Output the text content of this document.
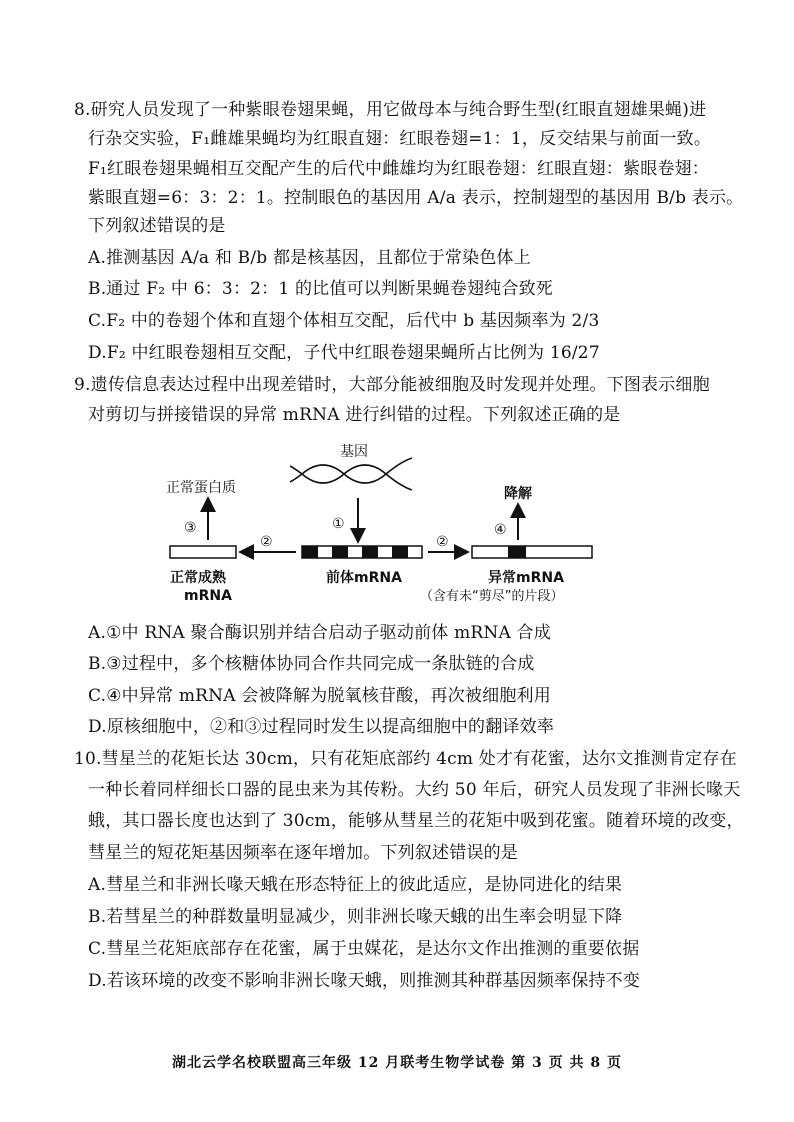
8.研究人员发现了一种紫眼卷翅果蝇，用它做母本与纯合野生型(红眼直翅雄果蝇)进
行杂交实验，F₁雌雄果蝇均为红眼直翅：红眼卷翅=1：1，反交结果与前面一致。
F₁红眼卷翅果蝇相互交配产生的后代中雌雄均为红眼卷翅：红眼直翅：紫眼卷翅：
紫眼直翅=6：3：2：1。控制眼色的基因用 A/a 表示，控制翅型的基因用 B/b 表示。
下列叙述错误的是
A.推测基因 A/a 和 B/b 都是核基因，且都位于常染色体上
B.通过 F₂ 中 6：3：2：1 的比值可以判断果蝇卷翅纯合致死
C.F₂ 中的卷翅个体和直翅个体相互交配，后代中 b 基因频率为 2/3
D.F₂ 中红眼卷翅相互交配，子代中红眼卷翅果蝇所占比例为 16/27
9.遗传信息表达过程中出现差错时，大部分能被细胞及时发现并处理。下图表示细胞
对剪切与拼接错误的异常 mRNA 进行纠错的过程。下列叙述正确的是
基因
①
前体mRNA
②
正常成熟
mRNA
③
正常蛋白质
②
异常mRNA
（含有未“剪尽”的片段）
④
降解
A.①中 RNA 聚合酶识别并结合启动子驱动前体 mRNA 合成
B.③过程中，多个核糖体协同合作共同完成一条肽链的合成
C.④中异常 mRNA 会被降解为脱氧核苷酸，再次被细胞利用
D.原核细胞中，②和③过程同时发生以提高细胞中的翻译效率
10.彗星兰的花矩长达 30cm，只有花矩底部约 4cm 处才有花蜜，达尔文推测肯定存在
一种长着同样细长口器的昆虫来为其传粉。大约 50 年后，研究人员发现了非洲长喙天
蛾，其口器长度也达到了 30cm，能够从彗星兰的花矩中吸到花蜜。随着环境的改变，
彗星兰的短花矩基因频率在逐年增加。下列叙述错误的是
A.彗星兰和非洲长喙天蛾在形态特征上的彼此适应，是协同进化的结果
B.若彗星兰的种群数量明显减少，则非洲长喙天蛾的出生率会明显下降
C.彗星兰花矩底部存在花蜜，属于虫媒花，是达尔文作出推测的重要依据
D.若该环境的改变不影响非洲长喙天蛾，则推测其种群基因频率保持不变
湖北云学名校联盟高三年级 12 月联考生物学试卷 第 3 页 共 8 页
